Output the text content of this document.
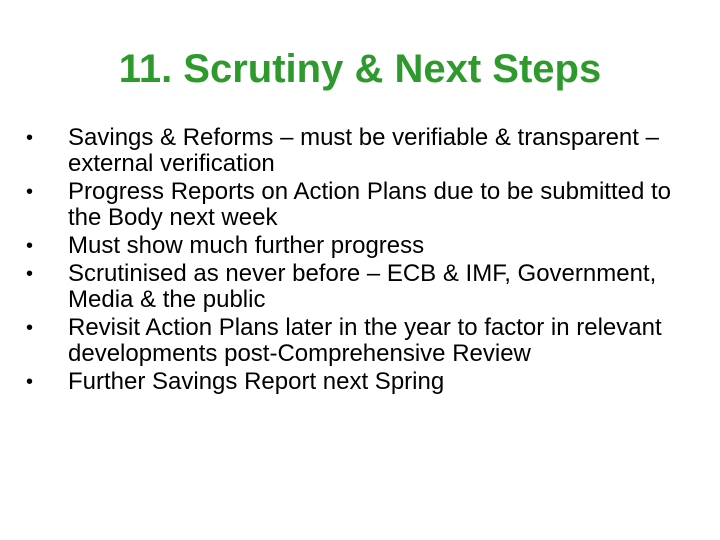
11. Scrutiny & Next Steps
•	Savings & Reforms – must be verifiable & transparent – external verification
•	Progress Reports on Action Plans due to be submitted to the Body next week
•	Must show much further progress
•	Scrutinised as never before – ECB & IMF, Government, Media & the public
•	Revisit Action Plans later in the year to factor in relevant developments post-Comprehensive Review
•	Further Savings Report next Spring
